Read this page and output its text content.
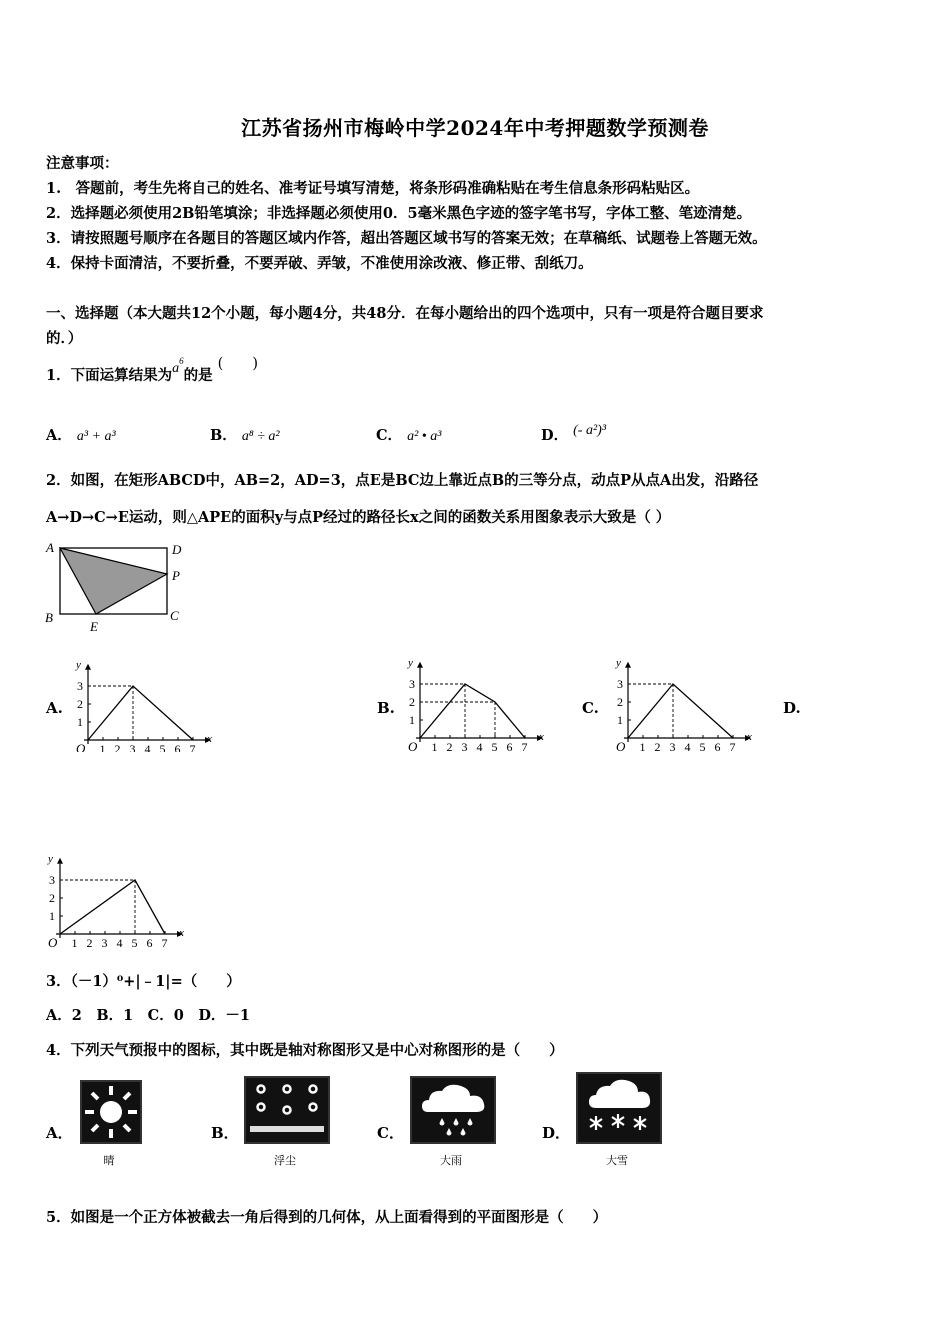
江苏省扬州市梅岭中学2024年中考押题数学预测卷
注意事项：
1.　答题前，考生先将自己的姓名、准考证号填写清楚，将条形码准确粘贴在考生信息条形码粘贴区。
2．选择题必须使用2B铅笔填涂；非选择题必须使用0．5毫米黑色字迹的签字笔书写，字体工整、笔迹清楚。
3．请按照题号顺序在各题目的答题区域内作答，超出答题区域书写的答案无效；在草稿纸、试题卷上答题无效。
4．保持卡面清洁，不要折叠，不要弄破、弄皱，不准使用涂改液、修正带、刮纸刀。
一、选择题（本大题共12个小题，每小题4分，共48分．在每小题给出的四个选项中，只有一项是符合题目要求
的．）
1．下面运算结果为$a^6$的是 (　　)
A． a³ + a³	B． a⁸ ÷ a²	C． a² • a³	D． (- a²)³
2．如图，在矩形ABCD中，AB=2，AD=3，点E是BC边上靠近点B的三等分点，动点P从点A出发，沿路径
A→D→C→E运动，则△APE的面积y与点P经过的路径长x之间的函数关系用图象表示大致是（ ）
A	D
P
B	C
E
A.	B.	C.	D.
x
y
O 1 2 3 4 5 6 7
1
2
3
x
y
O 1 2 3 4 5 6 7
1
2
3
x
y
O 1 2 3 4 5 6 7
1
2
3
x
y
O 1 2 3 4 5 6 7
1
2
3
3．（－1）⁰+|﹣1|=（　　）
A．2　B．1　C．0　D．－1
4．下列天气预报中的图标，其中既是轴对称图形又是中心对称图形的是（　　）
A．
晴
B．
浮尘
C．
大雨
D．
大雪
5．如图是一个正方体被截去一角后得到的几何体，从上面看得到的平面图形是（　　）
